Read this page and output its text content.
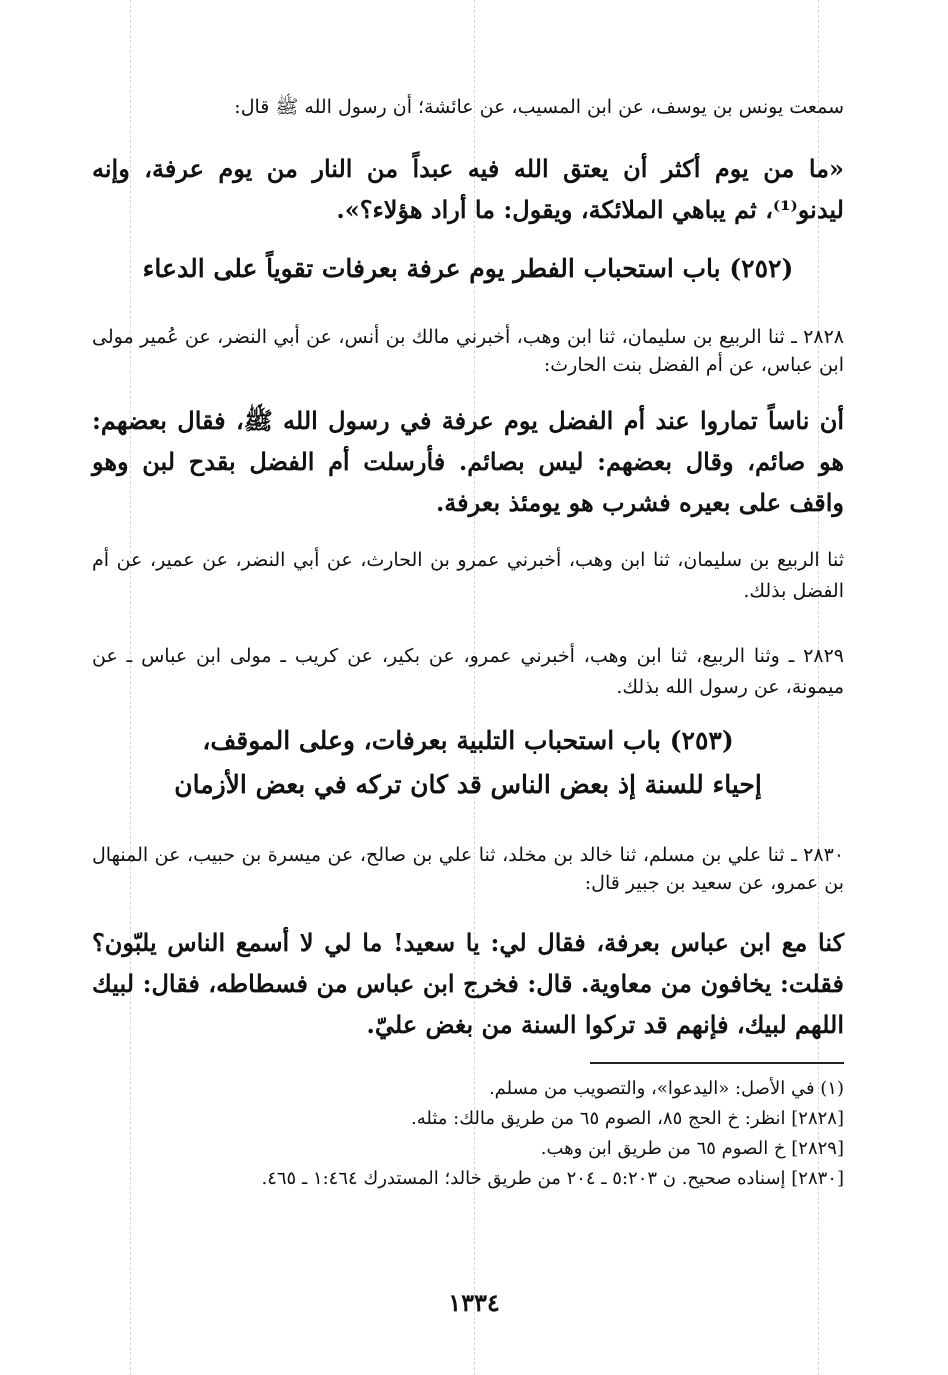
سمعت يونس بن يوسف، عن ابن المسيب، عن عائشة؛ أن رسول الله ﷺ قال:

«ما من يوم أكثر أن يعتق الله فيه عبداً من النار من يوم عرفة، وإنه ليدنو⁽¹⁾، ثم يباهي الملائكة، ويقول: ما أراد هؤلاء؟».

(٢٥٢) باب استحباب الفطر يوم عرفة بعرفات تقوياً على الدعاء

٢٨٢٨ ـ ثنا الربيع بن سليمان، ثنا ابن وهب، أخبرني مالك بن أنس، عن أبي النضر، عن عُمير مولى ابن عباس، عن أم الفضل بنت الحارث:

أن ناساً تماروا عند أم الفضل يوم عرفة في رسول الله ﷺ، فقال بعضهم: هو صائم، وقال بعضهم: ليس بصائم. فأرسلت أم الفضل بقدح لبن وهو واقف على بعيره فشرب هو يومئذ بعرفة.

ثنا الربيع بن سليمان، ثنا ابن وهب، أخبرني عمرو بن الحارث، عن أبي النضر، عن عمير، عن أم الفضل بذلك.

٢٨٢٩ ـ وثنا الربيع، ثنا ابن وهب، أخبرني عمرو، عن بكير، عن كريب ـ مولى ابن عباس ـ عن ميمونة، عن رسول الله بذلك.

(٢٥٣) باب استحباب التلبية بعرفات، وعلى الموقف،
إحياء للسنة إذ بعض الناس قد كان تركه في بعض الأزمان

٢٨٣٠ ـ ثنا علي بن مسلم، ثنا خالد بن مخلد، ثنا علي بن صالح، عن ميسرة بن حبيب، عن المنهال بن عمرو، عن سعيد بن جبير قال:

كنا مع ابن عباس بعرفة، فقال لي: يا سعيد! ما لي لا أسمع الناس يلبّون؟ فقلت: يخافون من معاوية. قال: فخرج ابن عباس من فسطاطه، فقال: لبيك اللهم لبيك، فإنهم قد تركوا السنة من بغض عليّ.

(١) في الأصل: «اليدعوا»، والتصويب من مسلم.
[٢٨٢٨] انظر: خ الحج ٨٥، الصوم ٦٥ من طريق مالك: مثله.
[٢٨٢٩] خ الصوم ٦٥ من طريق ابن وهب.
[٢٨٣٠] إسناده صحيح. ن ٥:٢٠٣ ـ ٢٠٤ من طريق خالد؛ المستدرك ١:٤٦٤ ـ ٤٦٥.
١٣٣٤
